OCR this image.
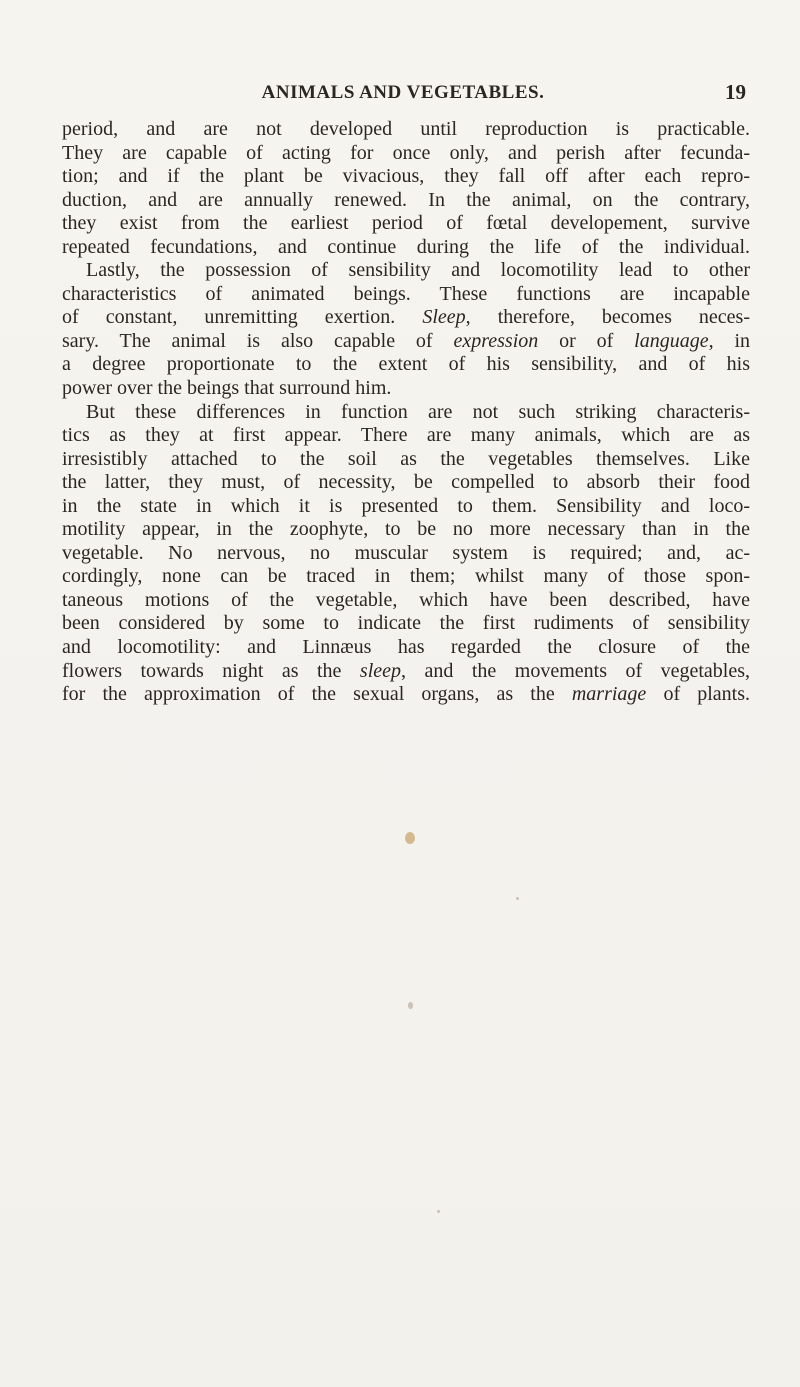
ANIMALS AND VEGETABLES.	19
period, and are not developed until reproduction is practicable.
They are capable of acting for once only, and perish after fecunda-
tion; and if the plant be vivacious, they fall off after each repro-
duction, and are annually renewed. In the animal, on the contrary,
they exist from the earliest period of fœtal developement, survive
repeated fecundations, and continue during the life of the individual.
Lastly, the possession of sensibility and locomotility lead to other
characteristics of animated beings. These functions are incapable
of constant, unremitting exertion. Sleep, therefore, becomes neces-
sary. The animal is also capable of expression or of language, in
a degree proportionate to the extent of his sensibility, and of his
power over the beings that surround him.
But these differences in function are not such striking characteris-
tics as they at first appear. There are many animals, which are as
irresistibly attached to the soil as the vegetables themselves. Like
the latter, they must, of necessity, be compelled to absorb their food
in the state in which it is presented to them. Sensibility and loco-
motility appear, in the zoophyte, to be no more necessary than in the
vegetable. No nervous, no muscular system is required; and, ac-
cordingly, none can be traced in them; whilst many of those spon-
taneous motions of the vegetable, which have been described, have
been considered by some to indicate the first rudiments of sensibility
and locomotility: and Linnæus has regarded the closure of the
flowers towards night as the sleep, and the movements of vegetables,
for the approximation of the sexual organs, as the marriage of plants.
